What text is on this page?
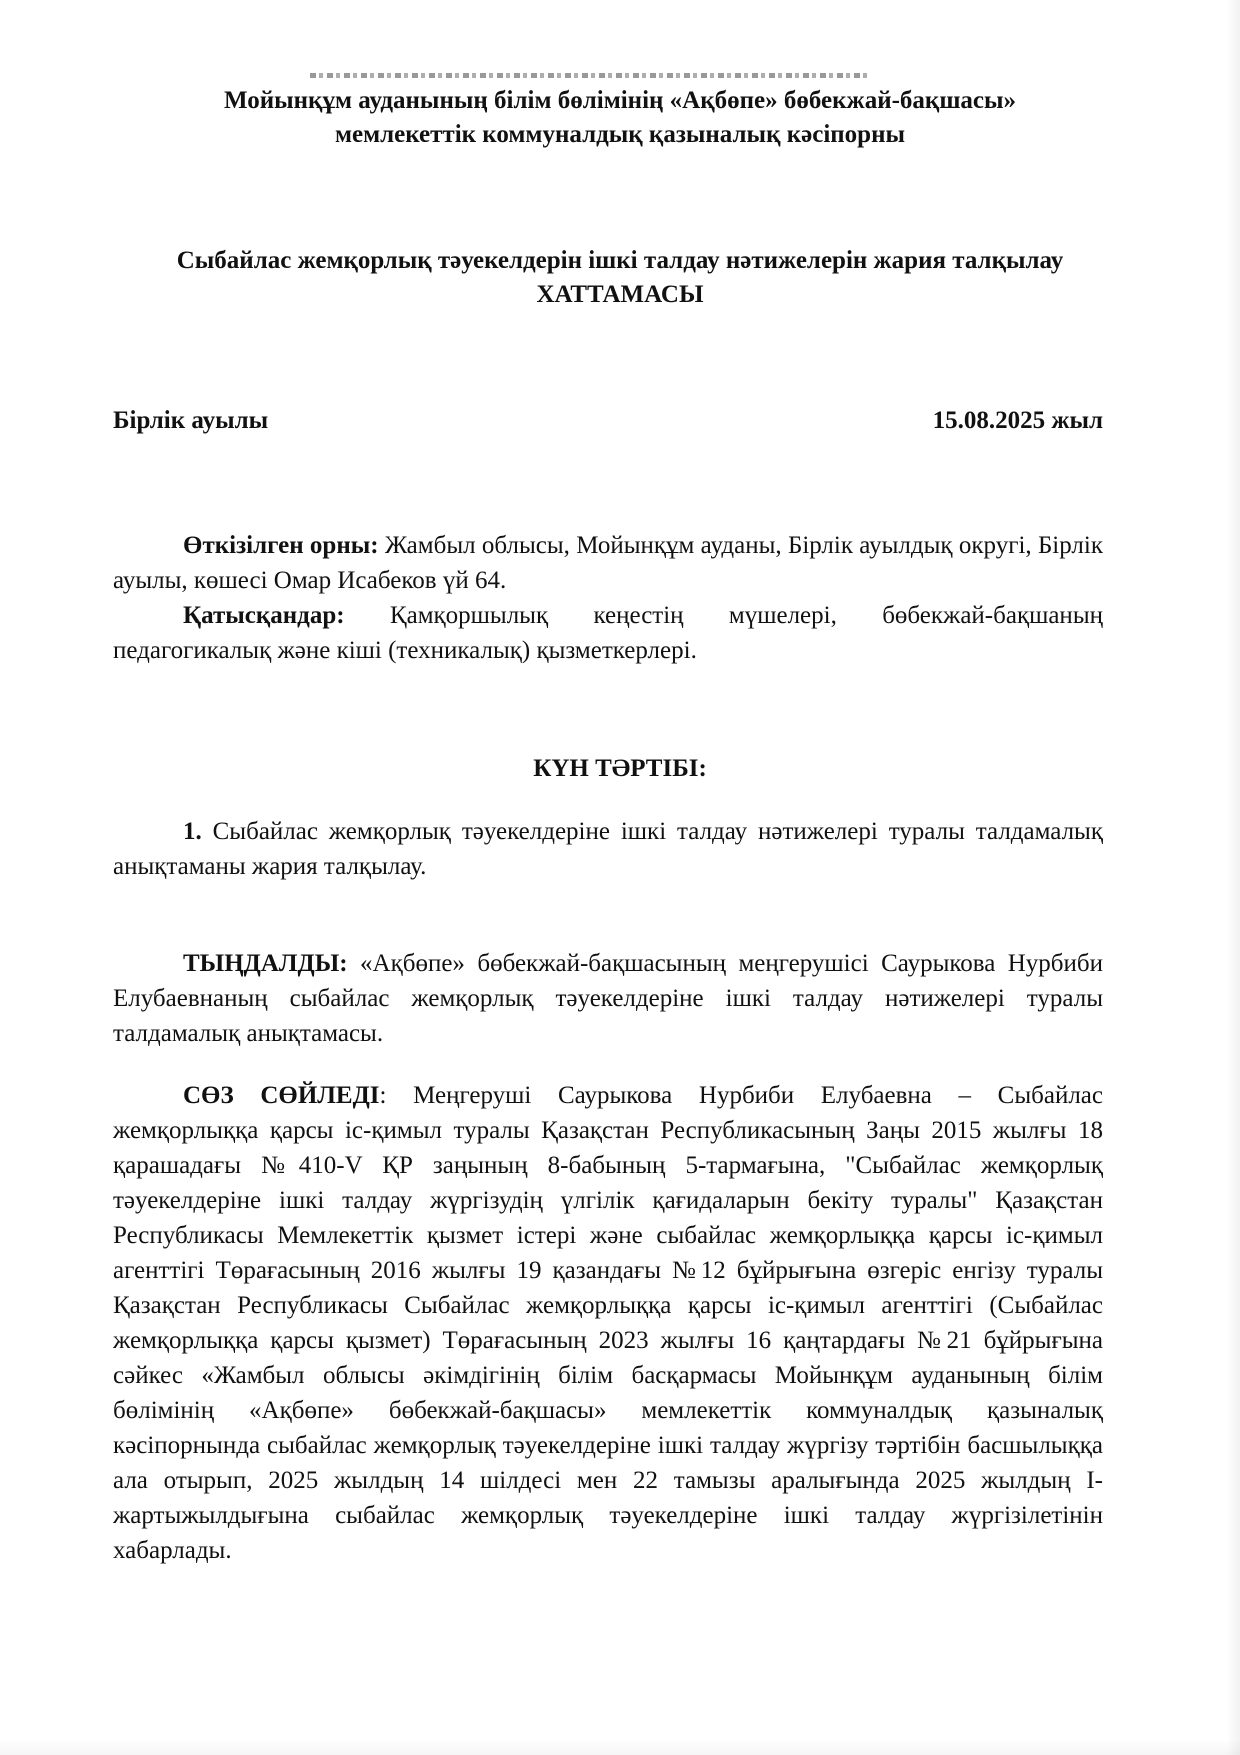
Мойынқұм ауданының білім бөлімінің «Ақбөпе» бөбекжай-бақшасы»
мемлекеттік коммуналдық қазыналық кәсіпорны
Сыбайлас жемқорлық тәуекелдерін ішкі талдау нәтижелерін жария талқылау
ХАТТАМАСЫ
Бірлік ауылы	15.08.2025 жыл

Өткізілген орны: Жамбыл облысы, Мойынқұм ауданы, Бірлік ауылдық округі, Бірлік ауылы, көшесі Омар Исабеков үй 64.

Қатысқандар: Қамқоршылық кеңестің мүшелері, бөбекжай-бақшаның педагогикалық және кіші (техникалық) қызметкерлері.

КҮН ТӘРТІБІ:

1. Сыбайлас жемқорлық тәуекелдеріне ішкі талдау нәтижелері туралы талдамалық анықтаманы жария талқылау.

ТЫҢДАЛДЫ: «Ақбөпе» бөбекжай-бақшасының меңгерушісі Саурыкова Нурбиби Елубаевнаның сыбайлас жемқорлық тәуекелдеріне ішкі талдау нәтижелері туралы талдамалық анықтамасы.

СӨЗ СӨЙЛЕДІ: Меңгеруші Саурыкова Нурбиби Елубаевна – Сыбайлас жемқорлыққа қарсы іс-қимыл туралы Қазақстан Республикасының Заңы 2015 жылғы 18 қарашадағы №410-V ҚР заңының 8-бабының 5-тармағына, "Сыбайлас жемқорлық тәуекелдеріне ішкі талдау жүргізудің үлгілік қағидаларын бекіту туралы" Қазақстан Республикасы Мемлекеттік қызмет істері және сыбайлас жемқорлыққа қарсы іс-қимыл агенттігі Төрағасының 2016 жылғы 19 қазандағы №12 бұйрығына өзгеріс енгізу туралы Қазақстан Республикасы Сыбайлас жемқорлыққа қарсы іс-қимыл агенттігі (Сыбайлас жемқорлыққа қарсы қызмет) Төрағасының 2023 жылғы 16 қаңтардағы №21 бұйрығына сәйкес «Жамбыл облысы әкімдігінің білім басқармасы Мойынқұм ауданының білім бөлімінің «Ақбөпе» бөбекжай-бақшасы» мемлекеттік коммуналдық қазыналық кәсіпорнында сыбайлас жемқорлық тәуекелдеріне ішкі талдау жүргізу тәртібін басшылыққа ала отырып, 2025 жылдың 14 шілдесі мен 22 тамызы аралығында 2025 жылдың І-жартыжылдығына сыбайлас жемқорлық тәуекелдеріне ішкі талдау жүргізілетінін хабарлады.
